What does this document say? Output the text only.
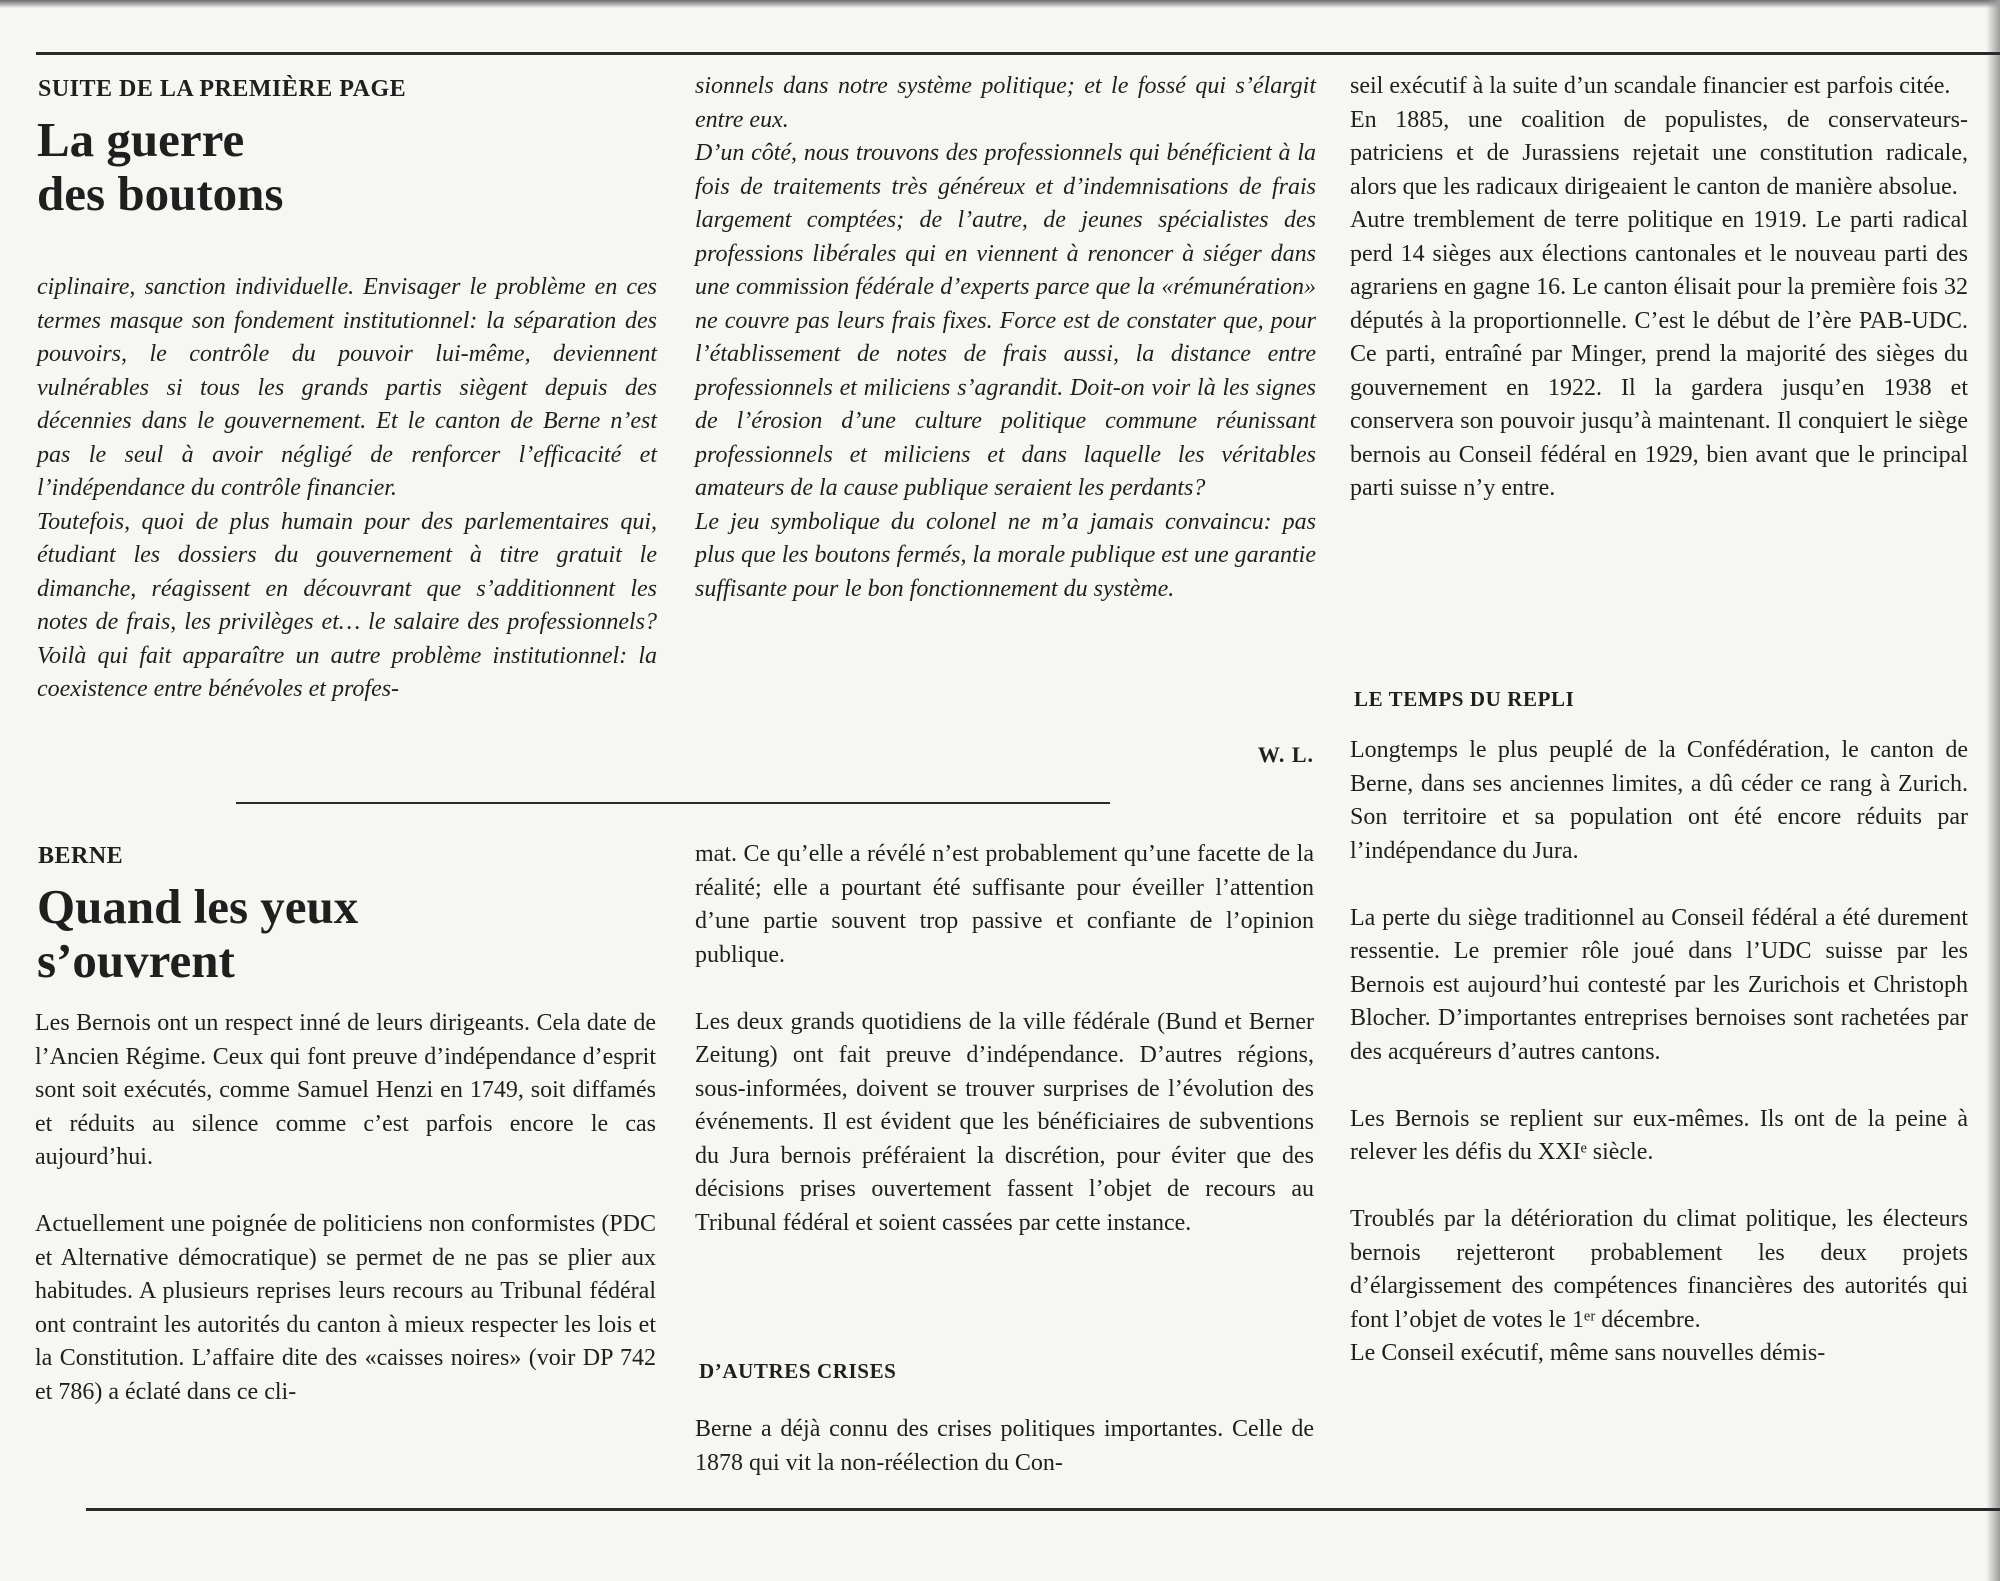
SUITE DE LA PREMIÈRE PAGE
La guerre
des boutons

ciplinaire, sanction individuelle. Envisager le problème en ces termes masque son fondement institutionnel: la séparation des pouvoirs, le contrôle du pouvoir lui-même, deviennent vulnérables si tous les grands partis siègent depuis des décennies dans le gouvernement. Et le canton de Berne n’est pas le seul à avoir négligé de renforcer l’efficacité et l’indépendance du contrôle financier.

Toutefois, quoi de plus humain pour des parlementaires qui, étudiant les dossiers du gouvernement à titre gratuit le dimanche, réagissent en découvrant que s’additionnent les notes de frais, les privilèges et… le salaire des professionnels? Voilà qui fait apparaître un autre problème institutionnel: la coexistence entre bénévoles et profes-

sionnels dans notre système politique; et le fossé qui s’élargit entre eux.

D’un côté, nous trouvons des professionnels qui bénéficient à la fois de traitements très généreux et d’indemnisations de frais largement comptées; de l’autre, de jeunes spécialistes des professions libérales qui en viennent à renoncer à siéger dans une commission fédérale d’experts parce que la «rémunération» ne couvre pas leurs frais fixes. Force est de constater que, pour l’établissement de notes de frais aussi, la distance entre professionnels et miliciens s’agrandit. Doit-on voir là les signes de l’érosion d’une culture politique commune réunissant professionnels et miliciens et dans laquelle les véritables amateurs de la cause publique seraient les perdants?

Le jeu symbolique du colonel ne m’a jamais convaincu: pas plus que les boutons fermés, la morale publique est une garantie suffisante pour le bon fonctionnement du système.

W. L.
BERNE
Quand les yeux
s’ouvrent

Les Bernois ont un respect inné de leurs dirigeants. Cela date de l’Ancien Régime. Ceux qui font preuve d’indépendance d’esprit sont soit exécutés, comme Samuel Henzi en 1749, soit diffamés et réduits au silence comme c’est parfois encore le cas aujourd’hui.

Actuellement une poignée de politiciens non conformistes (PDC et Alternative démocratique) se permet de ne pas se plier aux habitudes. A plusieurs reprises leurs recours au Tribunal fédéral ont contraint les autorités du canton à mieux respecter les lois et la Constitution. L’affaire dite des «caisses noires» (voir DP 742 et 786) a éclaté dans ce cli-

mat. Ce qu’elle a révélé n’est probablement qu’une facette de la réalité; elle a pourtant été suffisante pour éveiller l’attention d’une partie souvent trop passive et confiante de l’opinion publique.

Les deux grands quotidiens de la ville fédérale (Bund et Berner Zeitung) ont fait preuve d’indépendance. D’autres régions, sous-informées, doivent se trouver surprises de l’évolution des événements. Il est évident que les bénéficiaires de subventions du Jura bernois préféraient la discrétion, pour éviter que des décisions prises ouvertement fassent l’objet de recours au Tribunal fédéral et soient cassées par cette instance.

D’AUTRES CRISES

Berne a déjà connu des crises politiques importantes. Celle de 1878 qui vit la non-réélection du Con-

seil exécutif à la suite d’un scandale financier est parfois citée.

En 1885, une coalition de populistes, de conservateurs-patriciens et de Jurassiens rejetait une constitution radicale, alors que les radicaux dirigeaient le canton de manière absolue.

Autre tremblement de terre politique en 1919. Le parti radical perd 14 sièges aux élections cantonales et le nouveau parti des agrariens en gagne 16. Le canton élisait pour la première fois 32 députés à la proportionnelle. C’est le début de l’ère PAB-UDC. Ce parti, entraîné par Minger, prend la majorité des sièges du gouvernement en 1922. Il la gardera jusqu’en 1938 et conservera son pouvoir jusqu’à maintenant. Il conquiert le siège bernois au Conseil fédéral en 1929, bien avant que le principal parti suisse n’y entre.

LE TEMPS DU REPLI

Longtemps le plus peuplé de la Confédération, le canton de Berne, dans ses anciennes limites, a dû céder ce rang à Zurich. Son territoire et sa population ont été encore réduits par l’indépendance du Jura.

La perte du siège traditionnel au Conseil fédéral a été durement ressentie. Le premier rôle joué dans l’UDC suisse par les Bernois est aujourd’hui contesté par les Zurichois et Christoph Blocher. D’importantes entreprises bernoises sont rachetées par des acquéreurs d’autres cantons.

Les Bernois se replient sur eux-mêmes. Ils ont de la peine à relever les défis du XXIᵉ siècle.

Troublés par la détérioration du climat politique, les électeurs bernois rejetteront probablement les deux projets d’élargissement des compétences financières des autorités qui font l’objet de votes le 1ᵉʳ décembre.

Le Conseil exécutif, même sans nouvelles démis-
